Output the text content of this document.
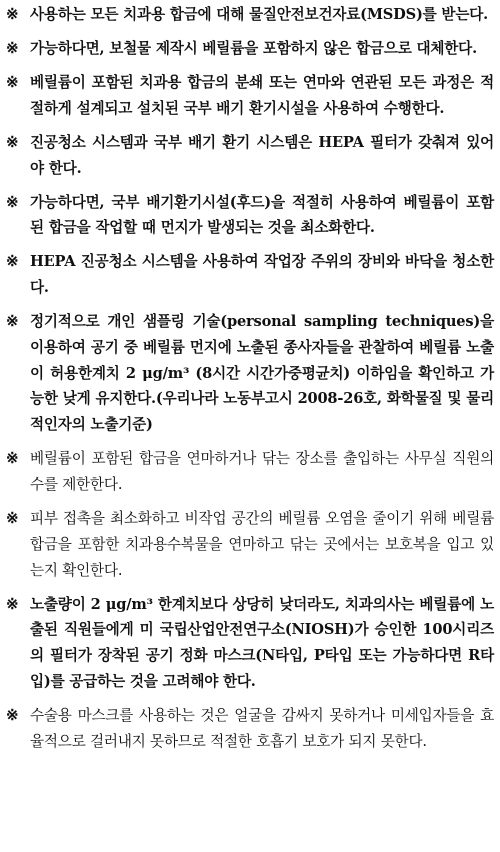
※ 사용하는 모든 치과용 합금에 대해 물질안전보건자료(MSDS)를 받는다.
※ 가능하다면, 보철물 제작시 베릴륨을 포함하지 않은 합금으로 대체한다.
※ 베릴륨이 포함된 치과용 합금의 분쇄 또는 연마와 연관된 모든 과정은 적절하게 설계되고 설치된 국부 배기 환기시설을 사용하여 수행한다.
※ 진공청소 시스템과 국부 배기 환기 시스템은 HEPA 필터가 갖춰져 있어야 한다.
※ 가능하다면, 국부 배기환기시설(후드)을 적절히 사용하여 베릴륨이 포함된 합금을 작업할 때 먼지가 발생되는 것을 최소화한다.
※ HEPA 진공청소 시스템을 사용하여 작업장 주위의 장비와 바닥을 청소한다.
※ 정기적으로 개인 샘플링 기술(personal sampling techniques)을 이용하여 공기 중 베릴륨 먼지에 노출된 종사자들을 관찰하여 베릴륨 노출이 허용한계치 2 μg/m³ (8시간 시간가중평균치) 이하임을 확인하고 가능한 낮게 유지한다.(우리나라 노동부고시 2008-26호, 화학물질 및 물리적인자의 노출기준)
※ 베릴륨이 포함된 합금을 연마하거나 닦는 장소를 출입하는 사무실 직원의 수를 제한한다.
※ 피부 접촉을 최소화하고 비작업 공간의 베릴륨 오염을 줄이기 위해 베릴륨 합금을 포함한 치과용수복물을 연마하고 닦는 곳에서는 보호복을 입고 있는지 확인한다.
※ 노출량이 2 μg/m³ 한계치보다 상당히 낮더라도, 치과의사는 베릴륨에 노출된 직원들에게 미 국립산업안전연구소(NIOSH)가 승인한 100시리즈의 필터가 장착된 공기 정화 마스크(N타입, P타입 또는 가능하다면 R타입)를 공급하는 것을 고려해야 한다.
※ 수술용 마스크를 사용하는 것은 얼굴을 감싸지 못하거나 미세입자들을 효율적으로 걸러내지 못하므로 적절한 호흡기 보호가 되지 못한다.
